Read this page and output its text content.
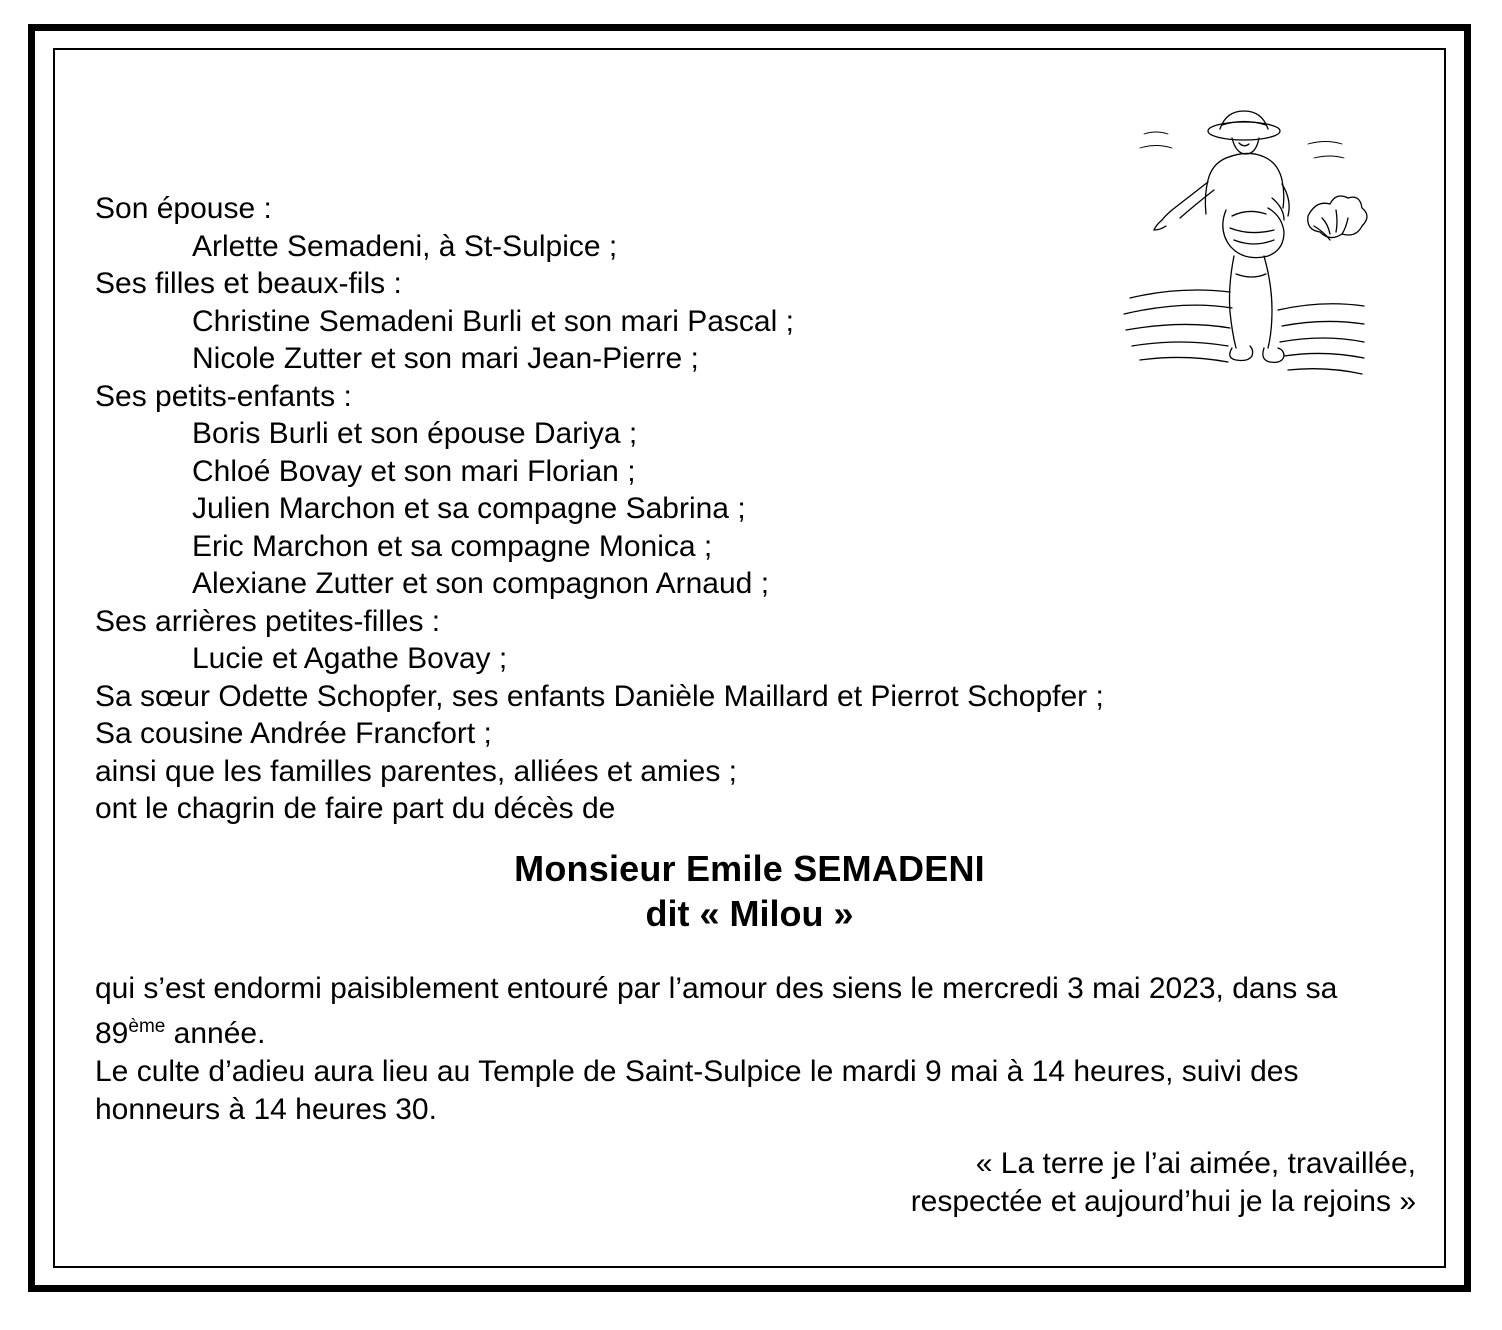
Son épouse :
Arlette Semadeni, à St-Sulpice ;
Ses filles et beaux-fils :
Christine Semadeni Burli et son mari Pascal ;
Nicole Zutter et son mari Jean-Pierre ;
Ses petits-enfants :
Boris Burli et son épouse Dariya ;
Chloé Bovay et son mari Florian ;
Julien Marchon et sa compagne Sabrina ;
Eric Marchon et sa compagne Monica ;
Alexiane Zutter et son compagnon Arnaud ;
Ses arrières petites-filles :
Lucie et Agathe Bovay ;
Sa sœur Odette Schopfer, ses enfants Danièle Maillard et Pierrot Schopfer ;
Sa cousine Andrée Francfort ;
ainsi que les familles parentes, alliées et amies ;
ont le chagrin de faire part du décès de
Monsieur Emile SEMADENI
dit « Milou »

qui s’est endormi paisiblement entouré par l’amour des siens le mercredi 3 mai 2023, dans sa
89ème année.

Le culte d’adieu aura lieu au Temple de Saint-Sulpice le mardi 9 mai à 14 heures, suivi des honneurs à 14 heures 30.

« La terre je l’ai aimée, travaillée,
respectée et aujourd’hui je la rejoins »
